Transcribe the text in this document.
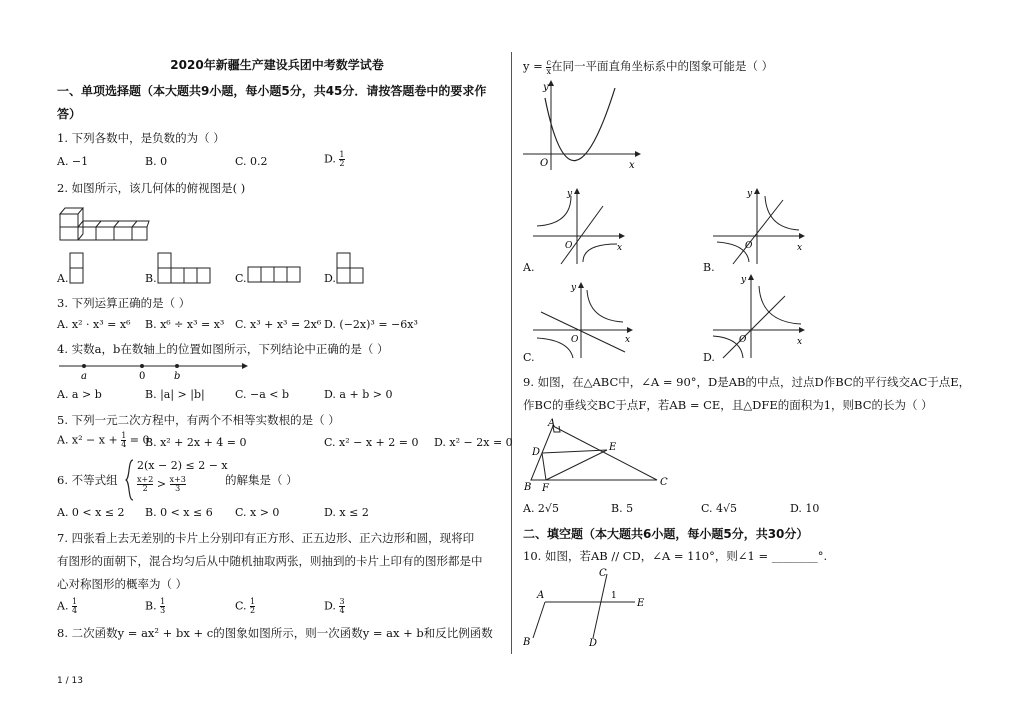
2020年新疆生产建设兵团中考数学试卷
一、单项选择题（本大题共9小题，每小题5分，共45分．请按答题卷中的要求作
答）
1. 下列各数中，是负数的为（ ）
A. −1	B. 0	C. 0.2	D. $\frac{1}{2}$
2. 如图所示，该几何体的俯视图是( )
A.	B.	C.	D.
3. 下列运算正确的是（ ）
A. x² · x³ = x⁶ B. x⁶ ÷ x³ = x³ C. x³ + x³ = 2x⁶ D. (−2x)³ = −6x³
4. 实数a，b在数轴上的位置如图所示，下列结论中正确的是（ ）
a	0	b
A. a > b	B. |a| > |b|	C. −a < b	D. a + b > 0
5. 下列一元二次方程中，有两个不相等实数根的是（ ）
A. $x^2 - x + \frac{1}{4} = 0$
B. x² + 2x + 4 = 0	C. x² − x + 2 = 0 D. x² − 2x = 0
6. 不等式组
2(x − 2) ≤ 2 − x
$\frac{x+2}{2} > \frac{x+3}{3}$	的解集是（ ）
A. 0 < x ≤ 2 B. 0 < x ≤ 6 C. x > 0	D. x ≤ 2
7. 四张看上去无差别的卡片上分别印有正方形、正五边形、正六边形和圆，现将印
有图形的面朝下，混合均匀后从中随机抽取两张，则抽到的卡片上印有的图形都是中
心对称图形的概率为（ ）
A. $\frac{1}{4}$	B. $\frac{1}{3}$	C. $\frac{1}{2}$	D. $\frac{3}{4}$
8. 二次函数y = ax² + bx + c的图象如图所示，则一次函数y = ax + b和反比例函数
$y = \frac{c}{x}$ 在同一平面直角坐标系中的图象可能是（ ）
x
y
O
x
y
O
A.
x
y
O
B.
x
y
O
C.
x
y
O
D.
9. 如图，在△ABC中，∠A = 90°，D是AB的中点，过点D作BC的平行线交AC于点E，
作BC的垂线交BC于点F，若AB = CE，且△DFE的面积为1，则BC的长为（ ）
A
B	C
D	E
F
A. 2√5	B. 5	C. 4√5	D. 10
二、填空题（本大题共6小题，每小题5分，共30分）
10. 如图，若AB // CD，∠A = 110°，则∠1 = ________°.
A
B
C
D
E
1
1 / 13
